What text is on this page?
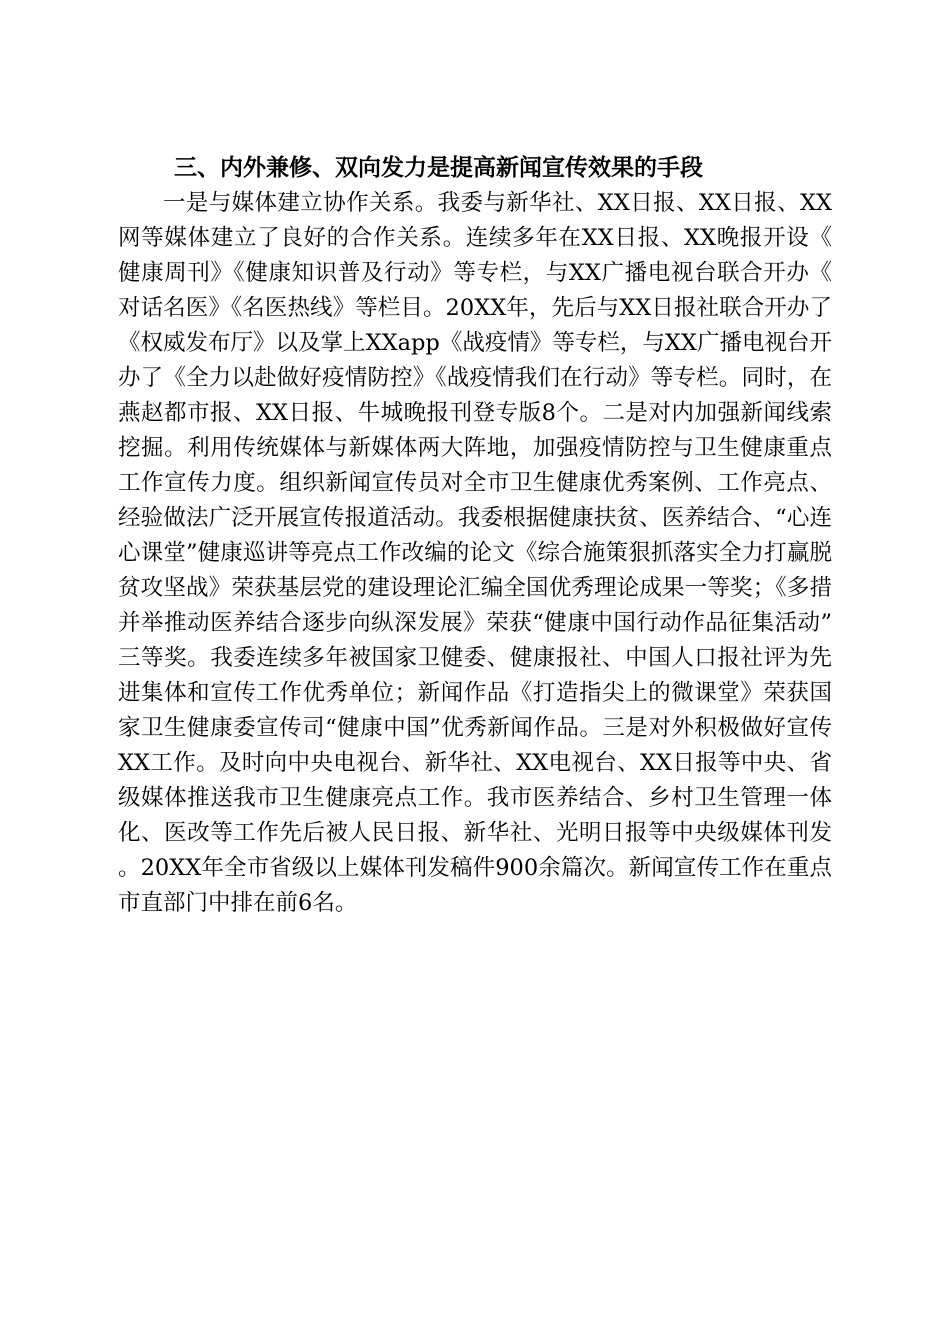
三、内外兼修、双向发力是提高新闻宣传效果的手段

一是与媒体建立协作关系。我委与新华社、XX日报、XX日报、XX网等媒体建立了良好的合作关系。连续多年在XX日报、XX晚报开设《健康周刊》《健康知识普及行动》等专栏，与XX广播电视台联合开办《对话名医》《名医热线》等栏目。20XX年，先后与XX日报社联合开办了《权威发布厅》以及掌上XXapp《战疫情》等专栏，与XX广播电视台开办了《全力以赴做好疫情防控》《战疫情我们在行动》等专栏。同时，在燕赵都市报、XX日报、牛城晚报刊登专版8个。二是对内加强新闻线索挖掘。利用传统媒体与新媒体两大阵地，加强疫情防控与卫生健康重点工作宣传力度。组织新闻宣传员对全市卫生健康优秀案例、工作亮点、经验做法广泛开展宣传报道活动。我委根据健康扶贫、医养结合、“心连心课堂”健康巡讲等亮点工作改编的论文《综合施策狠抓落实全力打赢脱贫攻坚战》荣获基层党的建设理论汇编全国优秀理论成果一等奖；《多措并举推动医养结合逐步向纵深发展》荣获“健康中国行动作品征集活动”三等奖。我委连续多年被国家卫健委、健康报社、中国人口报社评为先进集体和宣传工作优秀单位；新闻作品《打造指尖上的微课堂》荣获国家卫生健康委宣传司“健康中国”优秀新闻作品。三是对外积极做好宣传XX工作。及时向中央电视台、新华社、XX电视台、XX日报等中央、省级媒体推送我市卫生健康亮点工作。我市医养结合、乡村卫生管理一体化、医改等工作先后被人民日报、新华社、光明日报等中央级媒体刊发。20XX年全市省级以上媒体刊发稿件900余篇次。新闻宣传工作在重点市直部门中排在前6名。
